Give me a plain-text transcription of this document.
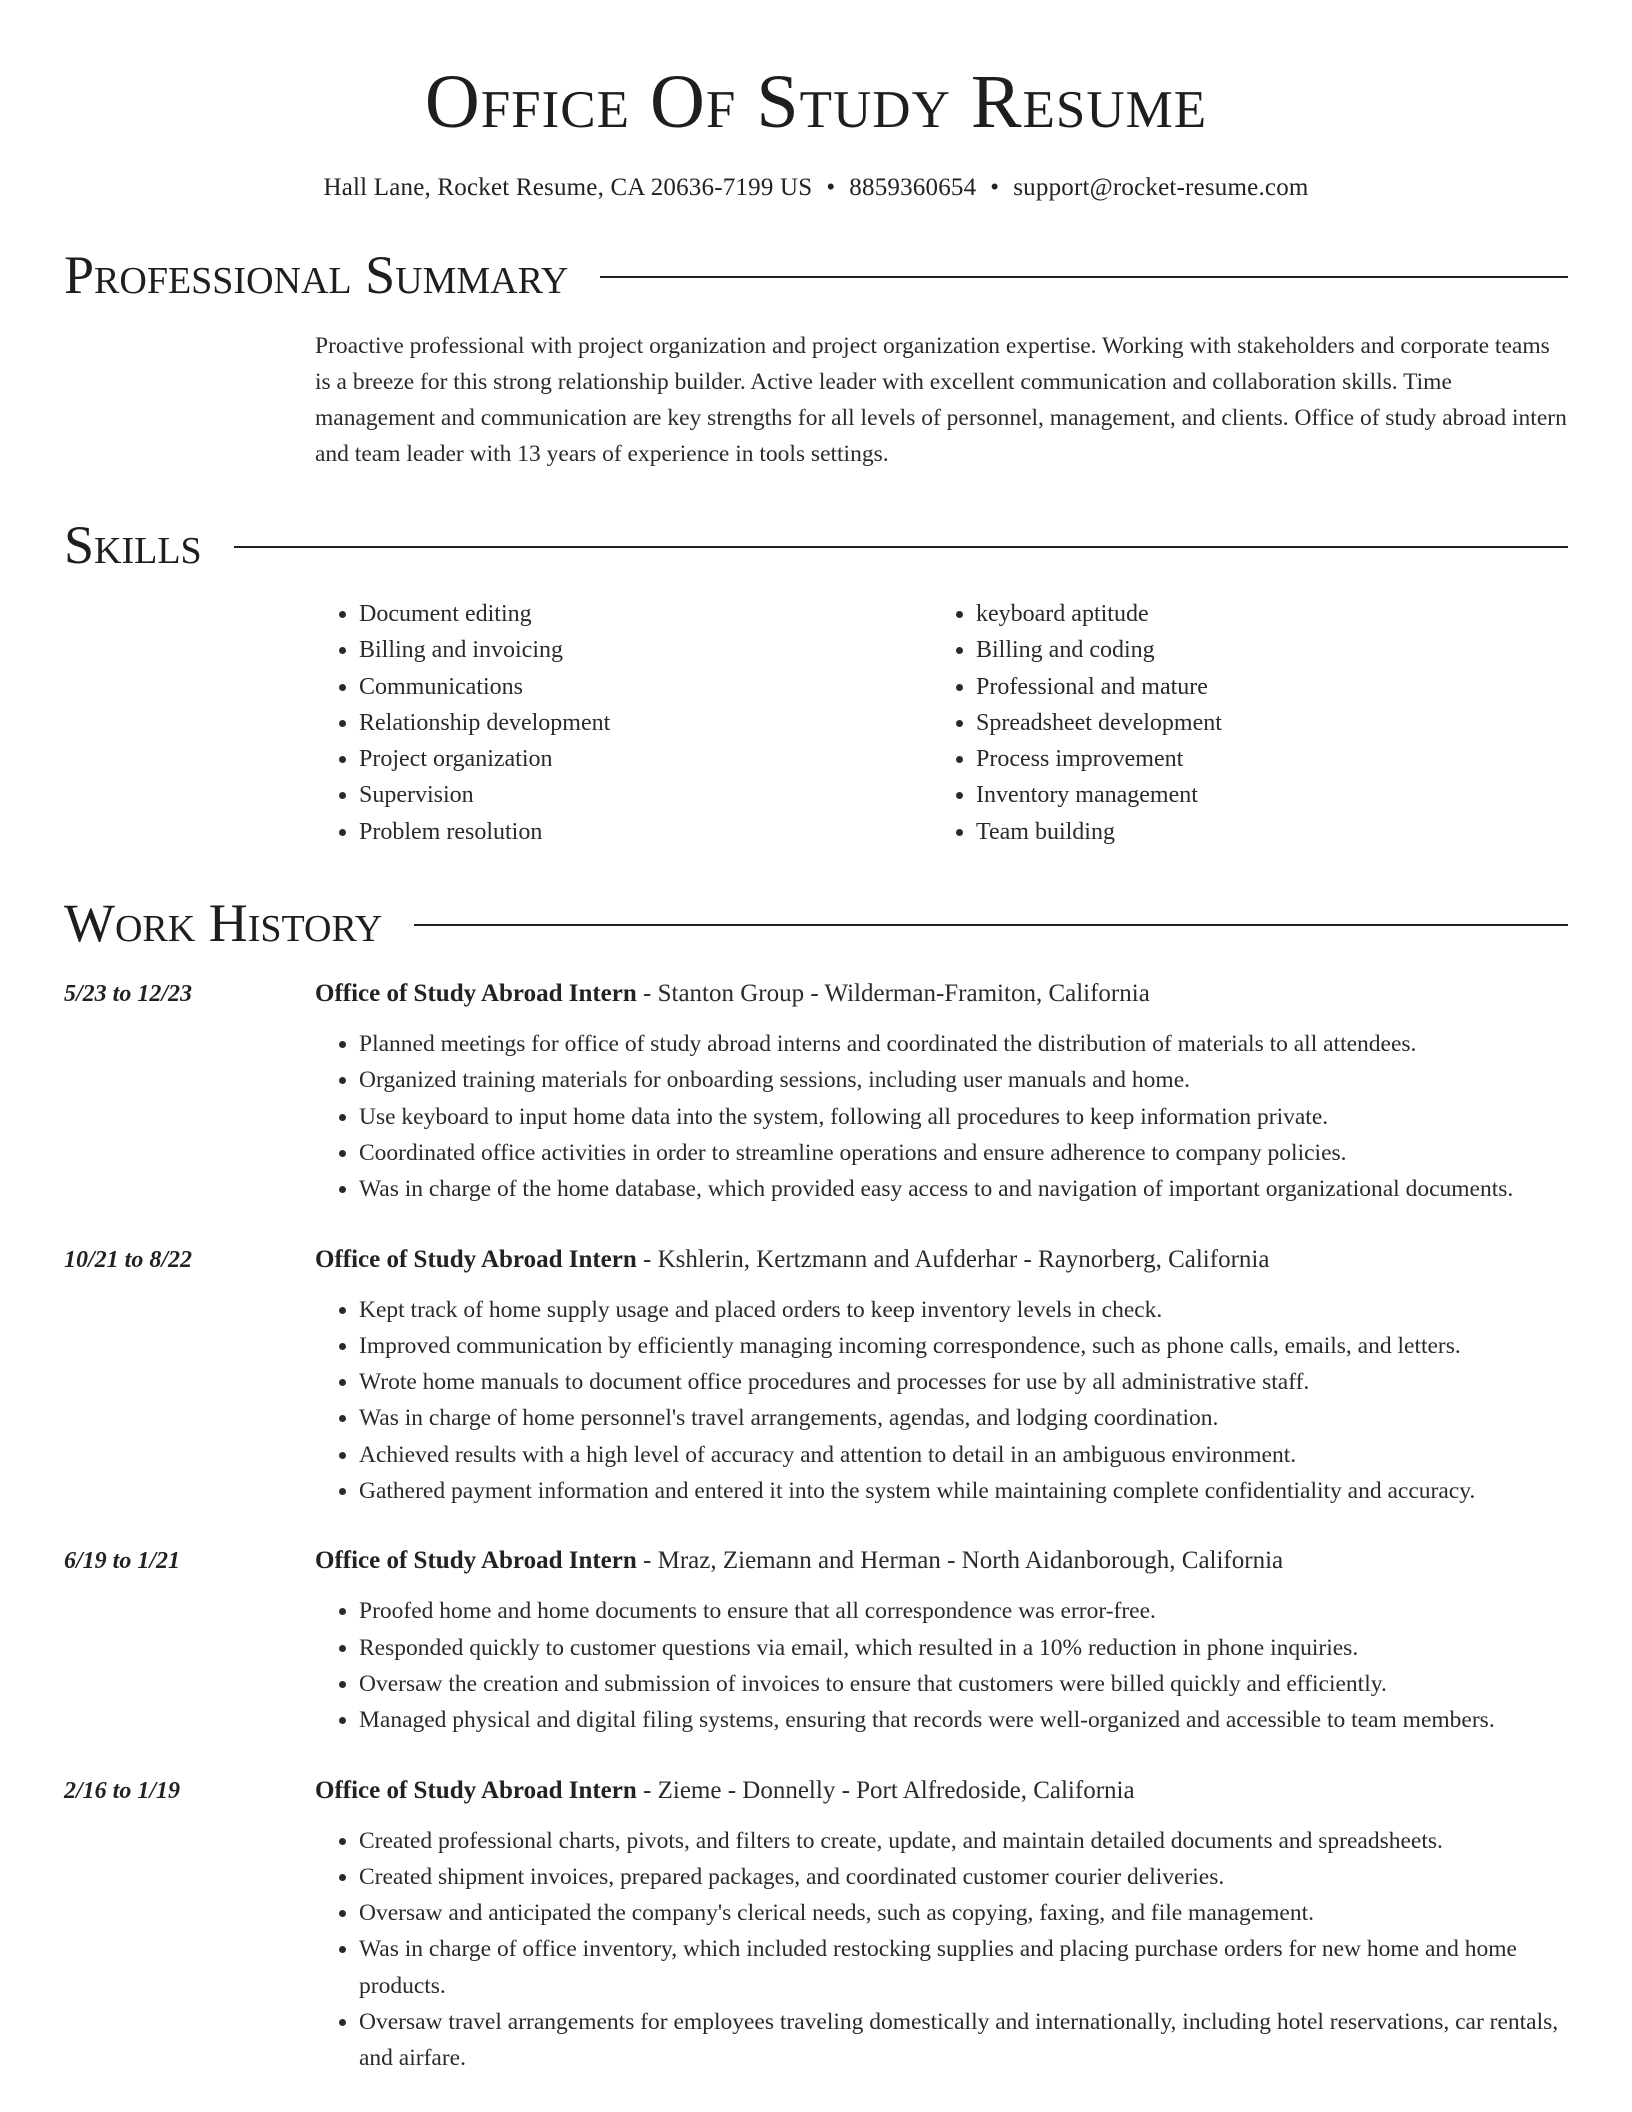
Office Of Study Resume
Hall Lane, Rocket Resume, CA 20636-7199 US • 8859360654 • support@rocket-resume.com
Professional Summary

Proactive professional with project organization and project organization expertise. Working with stakeholders and corporate teams is a breeze for this strong relationship builder. Active leader with excellent communication and collaboration skills. Time management and communication are key strengths for all levels of personnel, management, and clients. Office of study abroad intern and team leader with 13 years of experience in tools settings.

Skills
• Document editing
• Billing and invoicing
• Communications
• Relationship development
• Project organization
• Supervision
• Problem resolution
• keyboard aptitude
• Billing and coding
• Professional and mature
• Spreadsheet development
• Process improvement
• Inventory management
• Team building
Work History
5/23 to 12/23	Office of Study Abroad Intern - Stanton Group - Wilderman-Framiton, California
• Planned meetings for office of study abroad interns and coordinated the distribution of materials to all attendees.
• Organized training materials for onboarding sessions, including user manuals and home.
• Use keyboard to input home data into the system, following all procedures to keep information private.
• Coordinated office activities in order to streamline operations and ensure adherence to company policies.
• Was in charge of the home database, which provided easy access to and navigation of important organizational documents.
10/21 to 8/22	Office of Study Abroad Intern - Kshlerin, Kertzmann and Aufderhar - Raynorberg, California
• Kept track of home supply usage and placed orders to keep inventory levels in check.
• Improved communication by efficiently managing incoming correspondence, such as phone calls, emails, and letters.
• Wrote home manuals to document office procedures and processes for use by all administrative staff.
• Was in charge of home personnel's travel arrangements, agendas, and lodging coordination.
• Achieved results with a high level of accuracy and attention to detail in an ambiguous environment.
• Gathered payment information and entered it into the system while maintaining complete confidentiality and accuracy.
6/19 to 1/21	Office of Study Abroad Intern - Mraz, Ziemann and Herman - North Aidanborough, California
• Proofed home and home documents to ensure that all correspondence was error-free.
• Responded quickly to customer questions via email, which resulted in a 10% reduction in phone inquiries.
• Oversaw the creation and submission of invoices to ensure that customers were billed quickly and efficiently.
• Managed physical and digital filing systems, ensuring that records were well-organized and accessible to team members.
2/16 to 1/19	Office of Study Abroad Intern - Zieme - Donnelly - Port Alfredoside, California
• Created professional charts, pivots, and filters to create, update, and maintain detailed documents and spreadsheets.
• Created shipment invoices, prepared packages, and coordinated customer courier deliveries.
• Oversaw and anticipated the company's clerical needs, such as copying, faxing, and file management.
• Was in charge of office inventory, which included restocking supplies and placing purchase orders for new home and home products.
• Oversaw travel arrangements for employees traveling domestically and internationally, including hotel reservations, car rentals, and airfare.
